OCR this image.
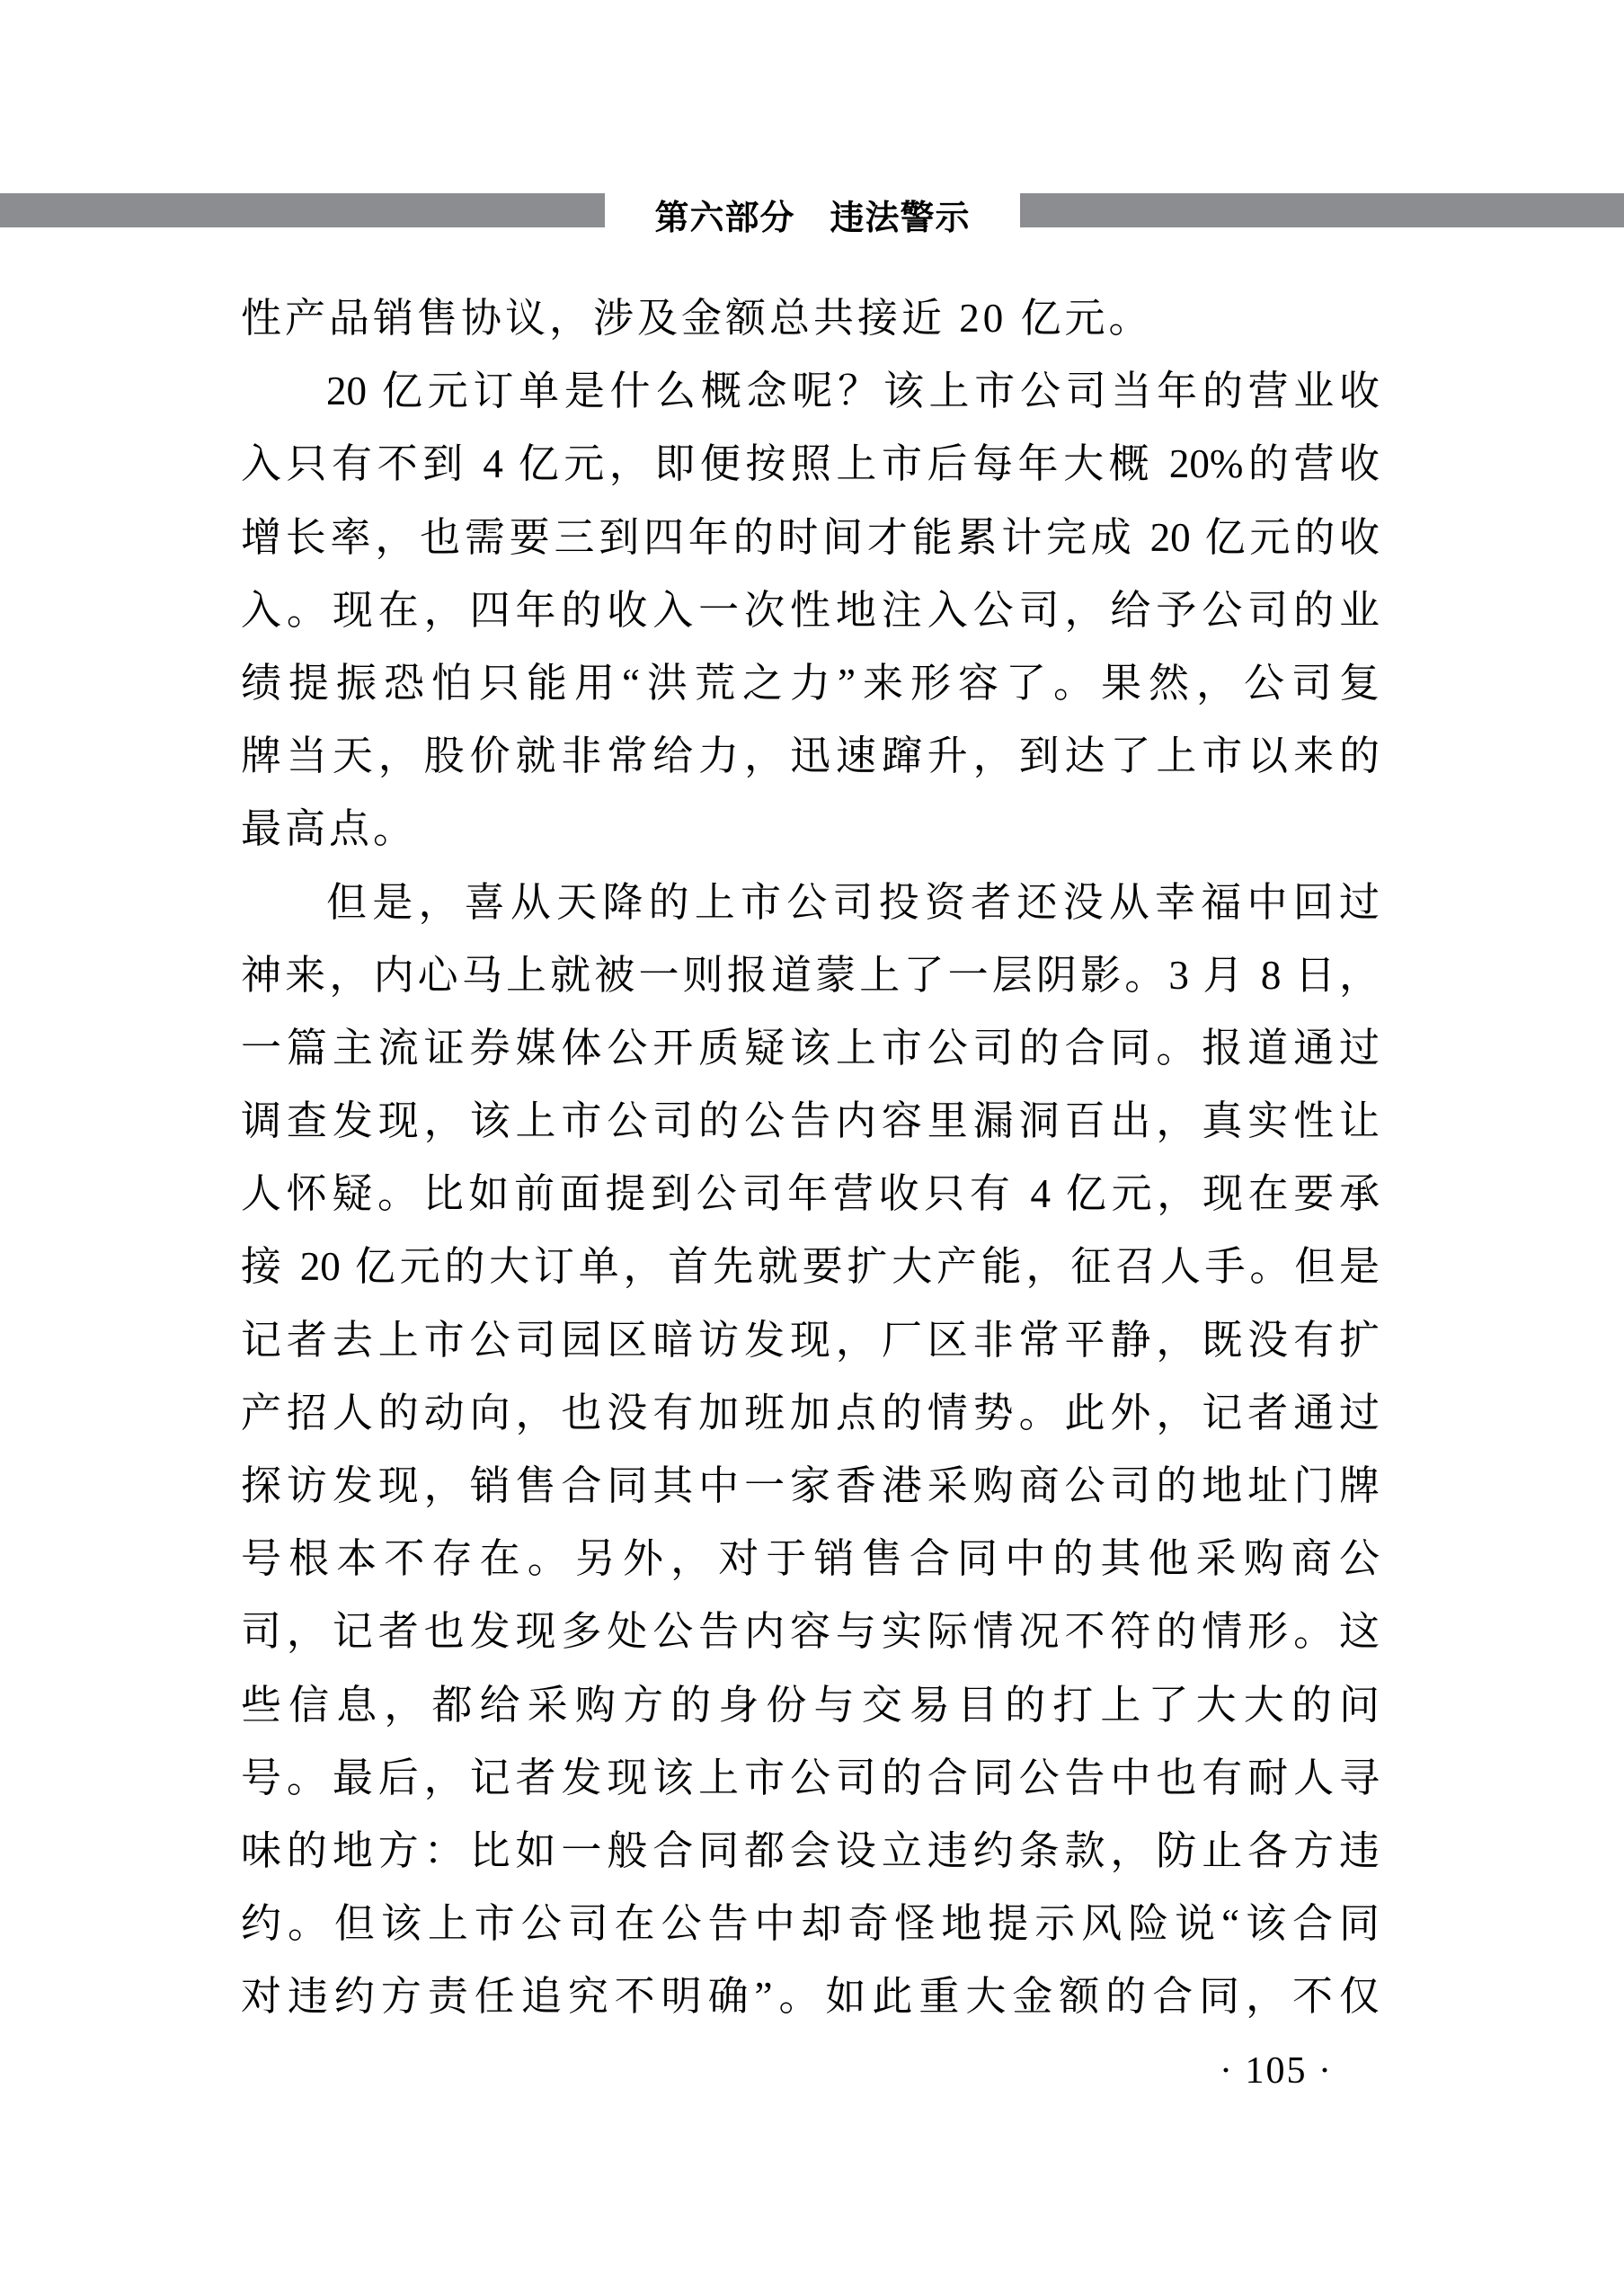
第六部分　违法警示
性产品销售协议，涉及金额总共接近 20 亿元。
20 亿元订单是什么概念呢？该上市公司当年的营业收
入只有不到 4 亿元，即便按照上市后每年大概 20%的营收
增长率，也需要三到四年的时间才能累计完成 20 亿元的收
入。现在，四年的收入一次性地注入公司，给予公司的业
绩提振恐怕只能用“洪荒之力”来形容了。果然，公司复
牌当天，股价就非常给力，迅速蹿升，到达了上市以来的
最高点。
但是，喜从天降的上市公司投资者还没从幸福中回过
神来，内心马上就被一则报道蒙上了一层阴影。3 月 8 日，
一篇主流证券媒体公开质疑该上市公司的合同。报道通过
调查发现，该上市公司的公告内容里漏洞百出，真实性让
人怀疑。比如前面提到公司年营收只有 4 亿元，现在要承
接 20 亿元的大订单，首先就要扩大产能，征召人手。但是
记者去上市公司园区暗访发现，厂区非常平静，既没有扩
产招人的动向，也没有加班加点的情势。此外，记者通过
探访发现，销售合同其中一家香港采购商公司的地址门牌
号根本不存在。另外，对于销售合同中的其他采购商公
司，记者也发现多处公告内容与实际情况不符的情形。这
些信息，都给采购方的身份与交易目的打上了大大的问
号。最后，记者发现该上市公司的合同公告中也有耐人寻
味的地方：比如一般合同都会设立违约条款，防止各方违
约。但该上市公司在公告中却奇怪地提示风险说“该合同
对违约方责任追究不明确”。如此重大金额的合同，不仅
· 105 ·
